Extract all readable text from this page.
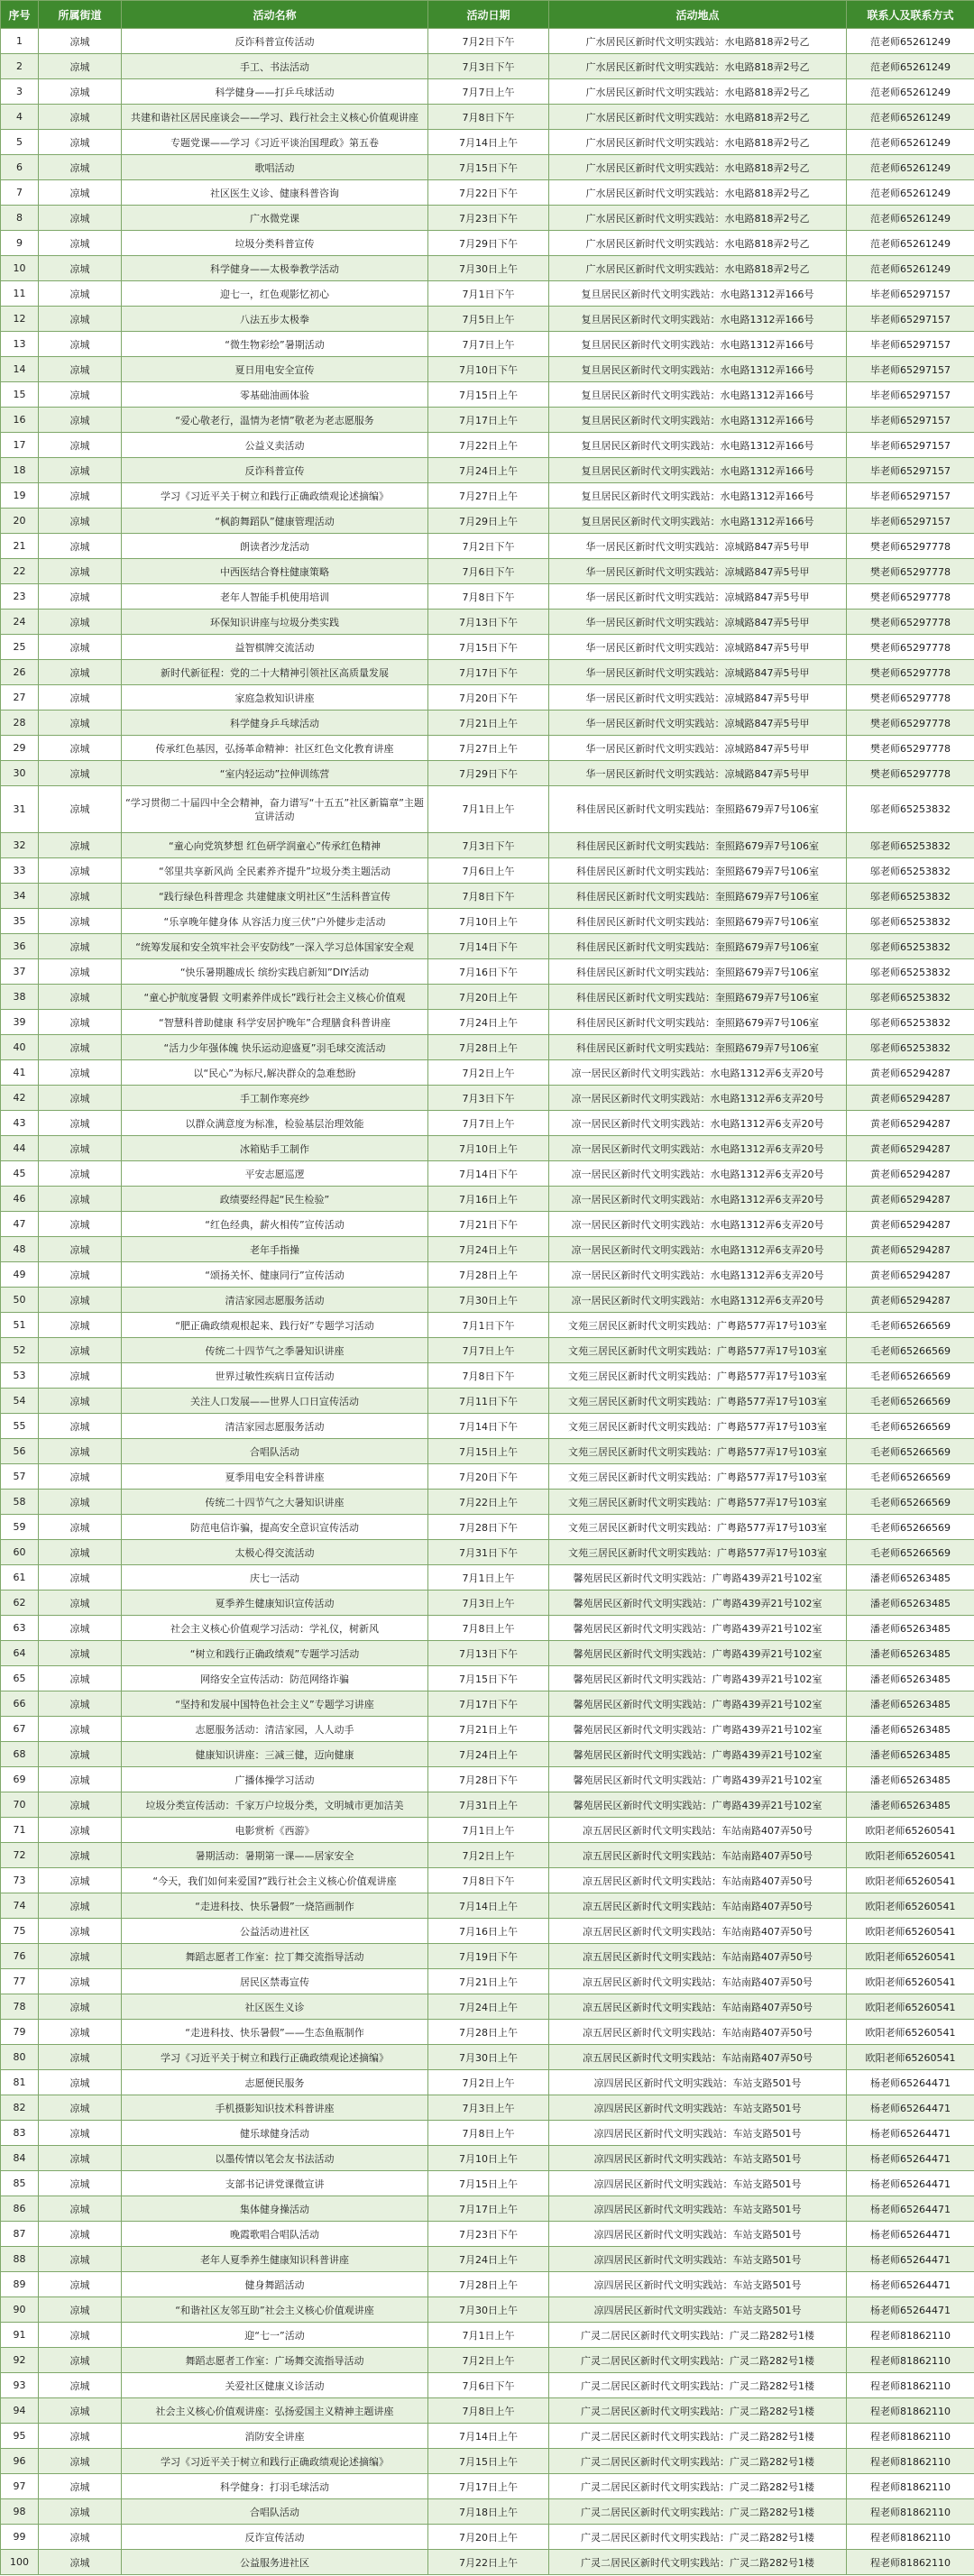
序号	所属街道	活动名称	活动日期	活动地点	联系人及联系方式
1	凉城	反诈科普宣传活动	7月2日下午	广水居民区新时代文明实践站：水电路818弄2号乙	范老师65261249
2	凉城	手工、书法活动	7月3日下午	广水居民区新时代文明实践站：水电路818弄2号乙	范老师65261249
3	凉城	科学健身——打乒乓球活动	7月7日上午	广水居民区新时代文明实践站：水电路818弄2号乙	范老师65261249
4	凉城	共建和谐社区居民座谈会——学习、践行社会主义核心价值观讲座	7月8日下午	广水居民区新时代文明实践站：水电路818弄2号乙	范老师65261249
5	凉城	专题党课——学习《习近平谈治国理政》第五卷	7月14日上午	广水居民区新时代文明实践站：水电路818弄2号乙	范老师65261249
6	凉城	歌唱活动	7月15日下午	广水居民区新时代文明实践站：水电路818弄2号乙	范老师65261249
7	凉城	社区医生义诊、健康科普咨询	7月22日下午	广水居民区新时代文明实践站：水电路818弄2号乙	范老师65261249
8	凉城	广水微党课	7月23日下午	广水居民区新时代文明实践站：水电路818弄2号乙	范老师65261249
9	凉城	垃圾分类科普宣传	7月29日下午	广水居民区新时代文明实践站：水电路818弄2号乙	范老师65261249
10	凉城	科学健身——太极拳教学活动	7月30日上午	广水居民区新时代文明实践站：水电路818弄2号乙	范老师65261249
11	凉城	迎七一，红色观影忆初心	7月1日下午	复旦居民区新时代文明实践站：水电路1312弄166号	毕老师65297157
12	凉城	八法五步太极拳	7月5日上午	复旦居民区新时代文明实践站：水电路1312弄166号	毕老师65297157
13	凉城	“微生物彩绘”暑期活动	7月7日上午	复旦居民区新时代文明实践站：水电路1312弄166号	毕老师65297157
14	凉城	夏日用电安全宣传	7月10日下午	复旦居民区新时代文明实践站：水电路1312弄166号	毕老师65297157
15	凉城	零基础油画体验	7月15日上午	复旦居民区新时代文明实践站：水电路1312弄166号	毕老师65297157
16	凉城	“爱心敬老行，温情为老情”敬老为老志愿服务	7月17日上午	复旦居民区新时代文明实践站：水电路1312弄166号	毕老师65297157
17	凉城	公益义卖活动	7月22日上午	复旦居民区新时代文明实践站：水电路1312弄166号	毕老师65297157
18	凉城	反诈科普宣传	7月24日上午	复旦居民区新时代文明实践站：水电路1312弄166号	毕老师65297157
19	凉城	学习《习近平关于树立和践行正确政绩观论述摘编》	7月27日上午	复旦居民区新时代文明实践站：水电路1312弄166号	毕老师65297157
20	凉城	“枫韵舞蹈队”健康管理活动	7月29日上午	复旦居民区新时代文明实践站：水电路1312弄166号	毕老师65297157
21	凉城	朗读者沙龙活动	7月2日下午	华一居民区新时代文明实践站：凉城路847弄5号甲	樊老师65297778
22	凉城	中西医结合脊柱健康策略	7月6日下午	华一居民区新时代文明实践站：凉城路847弄5号甲	樊老师65297778
23	凉城	老年人智能手机使用培训	7月8日下午	华一居民区新时代文明实践站：凉城路847弄5号甲	樊老师65297778
24	凉城	环保知识讲座与垃圾分类实践	7月13日下午	华一居民区新时代文明实践站：凉城路847弄5号甲	樊老师65297778
25	凉城	益智棋牌交流活动	7月15日下午	华一居民区新时代文明实践站：凉城路847弄5号甲	樊老师65297778
26	凉城	新时代新征程：党的二十大精神引领社区高质量发展	7月17日下午	华一居民区新时代文明实践站：凉城路847弄5号甲	樊老师65297778
27	凉城	家庭急救知识讲座	7月20日下午	华一居民区新时代文明实践站：凉城路847弄5号甲	樊老师65297778
28	凉城	科学健身乒乓球活动	7月21日上午	华一居民区新时代文明实践站：凉城路847弄5号甲	樊老师65297778
29	凉城	传承红色基因，弘扬革命精神：社区红色文化教育讲座	7月27日上午	华一居民区新时代文明实践站：凉城路847弄5号甲	樊老师65297778
30	凉城	“室内轻运动”拉伸训练营	7月29日下午	华一居民区新时代文明实践站：凉城路847弄5号甲	樊老师65297778
31	凉城	“学习贯彻二十届四中全会精神，奋力谱写“十五五”社区新篇章”主题宣讲活动	7月1日上午	科佳居民区新时代文明实践站：奎照路679弄7号106室	邬老师65253832
32	凉城	“童心向党筑梦想 红色研学润童心”传承红色精神	7月3日下午	科佳居民区新时代文明实践站：奎照路679弄7号106室	邬老师65253832
33	凉城	“邻里共享新风尚 全民素养齐提升”垃圾分类主题活动	7月6日上午	科佳居民区新时代文明实践站：奎照路679弄7号106室	邬老师65253832
34	凉城	“践行绿色科普理念 共建健康文明社区”生活科普宣传	7月8日下午	科佳居民区新时代文明实践站：奎照路679弄7号106室	邬老师65253832
35	凉城	“乐享晚年健身体 从容活力度三伏”户外健步走活动	7月10日上午	科佳居民区新时代文明实践站：奎照路679弄7号106室	邬老师65253832
36	凉城	“统筹发展和安全筑牢社会平安防线”一深入学习总体国家安全观	7月14日下午	科佳居民区新时代文明实践站：奎照路679弄7号106室	邬老师65253832
37	凉城	“快乐暑期趣成长 缤纷实践启新知”DIY活动	7月16日下午	科佳居民区新时代文明实践站：奎照路679弄7号106室	邬老师65253832
38	凉城	“童心护航度暑假 文明素养伴成长”践行社会主义核心价值观	7月20日上午	科佳居民区新时代文明实践站：奎照路679弄7号106室	邬老师65253832
39	凉城	“智慧科普助健康 科学安居护晚年”合理膳食科普讲座	7月24日上午	科佳居民区新时代文明实践站：奎照路679弄7号106室	邬老师65253832
40	凉城	“活力少年强体魄 快乐运动迎盛夏”羽毛球交流活动	7月28日上午	科佳居民区新时代文明实践站：奎照路679弄7号106室	邬老师65253832
41	凉城	以“民心”为标尺,解决群众的急难愁盼	7月2日上午	凉一居民区新时代文明实践站：水电路1312弄6支弄20号	黄老师65294287
42	凉城	手工制作寒亮纱	7月3日下午	凉一居民区新时代文明实践站：水电路1312弄6支弄20号	黄老师65294287
43	凉城	以群众满意度为标准，检验基层治理效能	7月7日上午	凉一居民区新时代文明实践站：水电路1312弄6支弄20号	黄老师65294287
44	凉城	冰箱贴手工制作	7月10日上午	凉一居民区新时代文明实践站：水电路1312弄6支弄20号	黄老师65294287
45	凉城	平安志愿巡逻	7月14日下午	凉一居民区新时代文明实践站：水电路1312弄6支弄20号	黄老师65294287
46	凉城	政绩要经得起“民生检验”	7月16日上午	凉一居民区新时代文明实践站：水电路1312弄6支弄20号	黄老师65294287
47	凉城	“红色经典，薪火相传”宣传活动	7月21日下午	凉一居民区新时代文明实践站：水电路1312弄6支弄20号	黄老师65294287
48	凉城	老年手指操	7月24日上午	凉一居民区新时代文明实践站：水电路1312弄6支弄20号	黄老师65294287
49	凉城	“颂扬关怀、健康同行”宣传活动	7月28日上午	凉一居民区新时代文明实践站：水电路1312弄6支弄20号	黄老师65294287
50	凉城	清洁家园志愿服务活动	7月30日上午	凉一居民区新时代文明实践站：水电路1312弄6支弄20号	黄老师65294287
51	凉城	“肥正确政绩观根起来、践行好”专题学习活动	7月1日下午	文苑三居民区新时代文明实践站：广粤路577弄17号103室	毛老师65266569
52	凉城	传统二十四节气之季暑知识讲座	7月7日上午	文苑三居民区新时代文明实践站：广粤路577弄17号103室	毛老师65266569
53	凉城	世界过敏性疾病日宣传活动	7月8日下午	文苑三居民区新时代文明实践站：广粤路577弄17号103室	毛老师65266569
54	凉城	关注人口发展——世界人口日宣传活动	7月11日下午	文苑三居民区新时代文明实践站：广粤路577弄17号103室	毛老师65266569
55	凉城	清洁家园志愿服务活动	7月14日下午	文苑三居民区新时代文明实践站：广粤路577弄17号103室	毛老师65266569
56	凉城	合唱队活动	7月15日上午	文苑三居民区新时代文明实践站：广粤路577弄17号103室	毛老师65266569
57	凉城	夏季用电安全科普讲座	7月20日下午	文苑三居民区新时代文明实践站：广粤路577弄17号103室	毛老师65266569
58	凉城	传统二十四节气之大暑知识讲座	7月22日上午	文苑三居民区新时代文明实践站：广粤路577弄17号103室	毛老师65266569
59	凉城	防范电信诈骗，提高安全意识宣传活动	7月28日下午	文苑三居民区新时代文明实践站：广粤路577弄17号103室	毛老师65266569
60	凉城	太极心得交流活动	7月31日下午	文苑三居民区新时代文明实践站：广粤路577弄17号103室	毛老师65266569
61	凉城	庆七一活动	7月1日上午	馨苑居民区新时代文明实践站：广粤路439弄21号102室	潘老师65263485
62	凉城	夏季养生健康知识宣传活动	7月3日上午	馨苑居民区新时代文明实践站：广粤路439弄21号102室	潘老师65263485
63	凉城	社会主义核心价值观学习活动：学礼仪，树新风	7月8日上午	馨苑居民区新时代文明实践站：广粤路439弄21号102室	潘老师65263485
64	凉城	“树立和践行正确政绩观”专题学习活动	7月13日下午	馨苑居民区新时代文明实践站：广粤路439弄21号102室	潘老师65263485
65	凉城	网络安全宣传活动：防范网络诈骗	7月15日下午	馨苑居民区新时代文明实践站：广粤路439弄21号102室	潘老师65263485
66	凉城	“坚持和发展中国特色社会主义”专题学习讲座	7月17日下午	馨苑居民区新时代文明实践站：广粤路439弄21号102室	潘老师65263485
67	凉城	志愿服务活动：清洁家园，人人动手	7月21日上午	馨苑居民区新时代文明实践站：广粤路439弄21号102室	潘老师65263485
68	凉城	健康知识讲座：三减三健，迈向健康	7月24日上午	馨苑居民区新时代文明实践站：广粤路439弄21号102室	潘老师65263485
69	凉城	广播体操学习活动	7月28日下午	馨苑居民区新时代文明实践站：广粤路439弄21号102室	潘老师65263485
70	凉城	垃圾分类宣传活动：千家万户垃圾分类，文明城市更加洁美	7月31日上午	馨苑居民区新时代文明实践站：广粤路439弄21号102室	潘老师65263485
71	凉城	电影赏析《西游》	7月1日上午	凉五居民区新时代文明实践站：车站南路407弄50号	欧阳老师65260541
72	凉城	暑期活动：暑期第一课——居家安全	7月2日上午	凉五居民区新时代文明实践站：车站南路407弄50号	欧阳老师65260541
73	凉城	“今天，我们如何来爱国?”践行社会主义核心价值观讲座	7月8日下午	凉五居民区新时代文明实践站：车站南路407弄50号	欧阳老师65260541
74	凉城	“走进科技、快乐暑假”一烧箔画制作	7月14日上午	凉五居民区新时代文明实践站：车站南路407弄50号	欧阳老师65260541
75	凉城	公益活动进社区	7月16日上午	凉五居民区新时代文明实践站：车站南路407弄50号	欧阳老师65260541
76	凉城	舞蹈志愿者工作室：拉丁舞交流指导活动	7月19日下午	凉五居民区新时代文明实践站：车站南路407弄50号	欧阳老师65260541
77	凉城	居民区禁毒宣传	7月21日上午	凉五居民区新时代文明实践站：车站南路407弄50号	欧阳老师65260541
78	凉城	社区医生义诊	7月24日上午	凉五居民区新时代文明实践站：车站南路407弄50号	欧阳老师65260541
79	凉城	“走进科技、快乐暑假”——生态鱼瓶制作	7月28日上午	凉五居民区新时代文明实践站：车站南路407弄50号	欧阳老师65260541
80	凉城	学习《习近平关于树立和践行正确政绩观论述摘编》	7月30日上午	凉五居民区新时代文明实践站：车站南路407弄50号	欧阳老师65260541
81	凉城	志愿便民服务	7月2日上午	凉四居民区新时代文明实践站：车站支路501号	杨老师65264471
82	凉城	手机摄影知识技术科普讲座	7月3日上午	凉四居民区新时代文明实践站：车站支路501号	杨老师65264471
83	凉城	健乐球健身活动	7月8日上午	凉四居民区新时代文明实践站：车站支路501号	杨老师65264471
84	凉城	以墨传情以笔会友书法活动	7月10日上午	凉四居民区新时代文明实践站：车站支路501号	杨老师65264471
85	凉城	支部书记讲党课微宣讲	7月15日上午	凉四居民区新时代文明实践站：车站支路501号	杨老师65264471
86	凉城	集体健身操活动	7月17日上午	凉四居民区新时代文明实践站：车站支路501号	杨老师65264471
87	凉城	晚霞歌唱合唱队活动	7月23日下午	凉四居民区新时代文明实践站：车站支路501号	杨老师65264471
88	凉城	老年人夏季养生健康知识科普讲座	7月24日上午	凉四居民区新时代文明实践站：车站支路501号	杨老师65264471
89	凉城	健身舞蹈活动	7月28日上午	凉四居民区新时代文明实践站：车站支路501号	杨老师65264471
90	凉城	“和谐社区友邻互助”社会主义核心价值观讲座	7月30日上午	凉四居民区新时代文明实践站：车站支路501号	杨老师65264471
91	凉城	迎“七一”活动	7月1日上午	广灵二居民区新时代文明实践站：广灵二路282号1楼	程老师81862110
92	凉城	舞蹈志愿者工作室：广场舞交流指导活动	7月2日上午	广灵二居民区新时代文明实践站：广灵二路282号1楼	程老师81862110
93	凉城	关爱社区健康义诊活动	7月6日下午	广灵二居民区新时代文明实践站：广灵二路282号1楼	程老师81862110
94	凉城	社会主义核心价值观讲座：弘扬爱国主义精神主题讲座	7月8日上午	广灵二居民区新时代文明实践站：广灵二路282号1楼	程老师81862110
95	凉城	消防安全讲座	7月14日上午	广灵二居民区新时代文明实践站：广灵二路282号1楼	程老师81862110
96	凉城	学习《习近平关于树立和践行正确政绩观论述摘编》	7月15日上午	广灵二居民区新时代文明实践站：广灵二路282号1楼	程老师81862110
97	凉城	科学健身：打羽毛球活动	7月17日上午	广灵二居民区新时代文明实践站：广灵二路282号1楼	程老师81862110
98	凉城	合唱队活动	7月18日上午	广灵二居民区新时代文明实践站：广灵二路282号1楼	程老师81862110
99	凉城	反诈宣传活动	7月20日上午	广灵二居民区新时代文明实践站：广灵二路282号1楼	程老师81862110
100	凉城	公益服务进社区	7月22日上午	广灵二居民区新时代文明实践站：广灵二路282号1楼	程老师81862110
